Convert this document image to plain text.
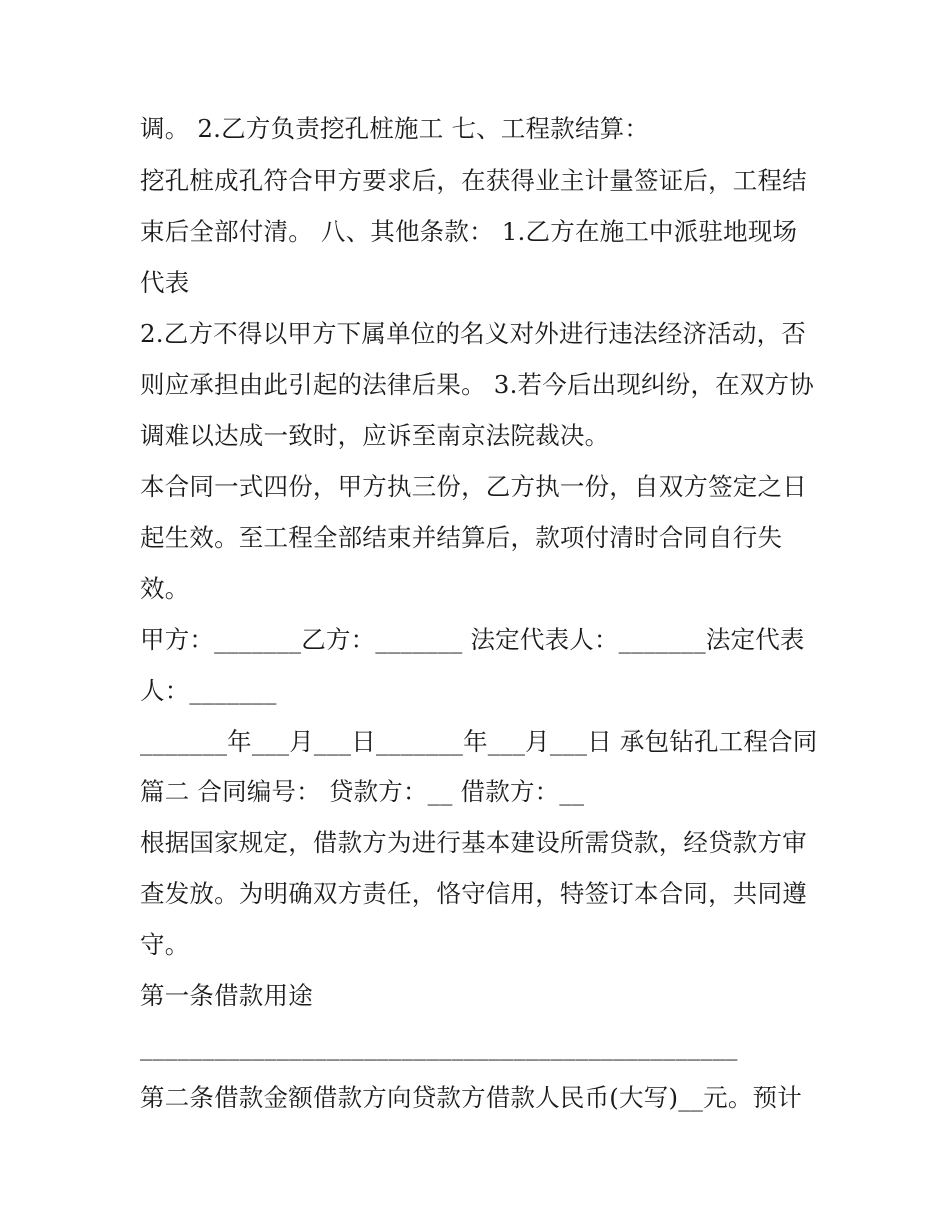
调。 2.乙方负责挖孔桩施工 七、工程款结算：
挖孔桩成孔符合甲方要求后，在获得业主计量签证后，工程结
束后全部付清。 八、其他条款： 1.乙方在施工中派驻地现场
代表
2.乙方不得以甲方下属单位的名义对外进行违法经济活动，否
则应承担由此引起的法律后果。 3.若今后出现纠纷，在双方协
调难以达成一致时，应诉至南京法院裁决。
本合同一式四份，甲方执三份，乙方执一份，自双方签定之日
起生效。至工程全部结束并结算后，款项付清时合同自行失
效。
甲方：_______乙方：_______ 法定代表人：_______法定代表
人：_______
_______年___月___日_______年___月___日 承包钻孔工程合同
篇二 合同编号： 贷款方：__ 借款方：__
根据国家规定，借款方为进行基本建设所需贷款，经贷款方审
查发放。为明确双方责任，恪守信用，特签订本合同，共同遵
守。
第一条借款用途
________________________________________________
第二条借款金额借款方向贷款方借款人民币(大写)__元。预计
